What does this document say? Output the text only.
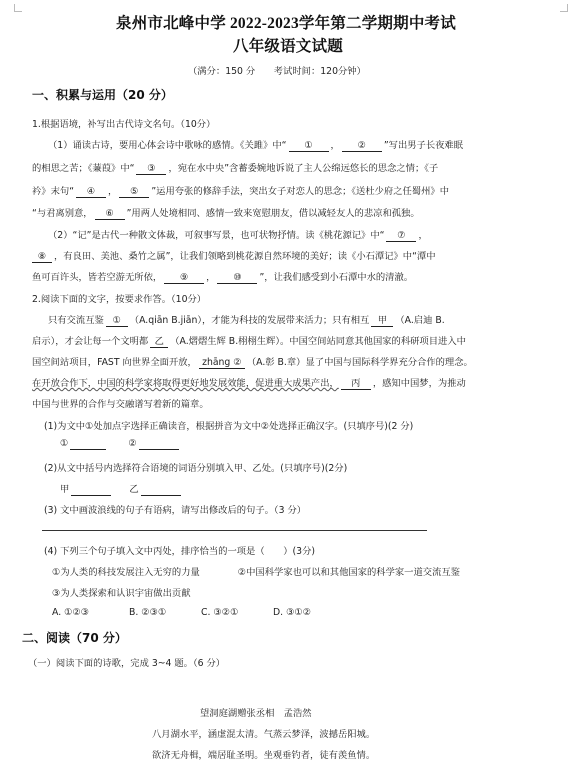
泉州市北峰中学 2022-2023学年第二学期期中考试
八年级语文试题
（满分：150 分　　考试时间：120分钟）
一、积累与运用（20 分）
1.根据语境，补写出古代诗文名句。（10分）
（1）诵读古诗，要用心体会诗中歌咏的感情。《关雎》中“ ① ， ② ”写出男子长夜难眠
的相思之苦；《蒹葭》中“ ③ ，宛在水中央”含蓄委婉地诉说了主人公绵远悠长的思念之情；《子
衿》末句“ ④ ， ⑤ ”运用夸张的修辞手法，突出女子对恋人的思念；《送杜少府之任蜀州》中
“与君离别意， ⑥ ”用两人处境相同、感情一致来宽慰朋友，借以减轻友人的悲凉和孤独。
（2）“记”是古代一种散文体裁，可叙事写景，也可状物抒情。读《桃花源记》中“ ⑦ ，
⑧ ，有良田、美池、桑竹之属”，让我们领略到桃花源自然环境的美好；读《小石潭记》中“潭中
鱼可百许头，皆若空游无所依， ⑨ ， ⑩ ”，让我们感受到小石潭中水的清澈。
2.阅读下面的文字，按要求作答。（10分）
只有交流互鉴 ① （A.qiān B.jiān），才能为科技的发展带来活力；只有相互 甲 （A.启迪 B.
启示），才会让每一个文明都 乙 （A.熠熠生辉 B.栩栩生辉）。中国空间站同意其他国家的科研项目进入中
国空间站项目，FAST 向世界全面开放， zhāng ② （A.彰 B.章）显了中国与国际科学界充分合作的理念。
在开放合作下，中国的科学家将取得更好地发展效能，促进重大成果产出， 丙 ，感知中国梦，为推动
中国与世界的合作与交融谱写着新的篇章。
(1)为文中①处加点字选择正确读音，根据拼音为文中②处选择正确汉字。(只填序号)(2 分)
①	②
(2)从文中括号内选择符合语境的词语分别填入甲、乙处。(只填序号)(2分)
甲	乙
(3) 文中画波浪线的句子有语病，请写出修改后的句子。（3 分）
(4) 下列三个句子填入文中丙处，排序恰当的一项是（　　）(3分)
①为人类的科技发展注入无穷的力量	②中国科学家也可以和其他国家的科学家一道交流互鉴
③为人类探索和认识宇宙做出贡献
A. ①②③	B. ②③①	C. ③②①	D. ③①②
二、阅读（70 分）
（一）阅读下面的诗歌，完成 3~4 题。（6 分）
望洞庭湖赠张丞相　孟浩然
八月湖水平，涵虚混太清。气蒸云梦泽，波撼岳阳城。
欲济无舟楫，端居耻圣明。坐观垂钓者，徒有羡鱼情。
